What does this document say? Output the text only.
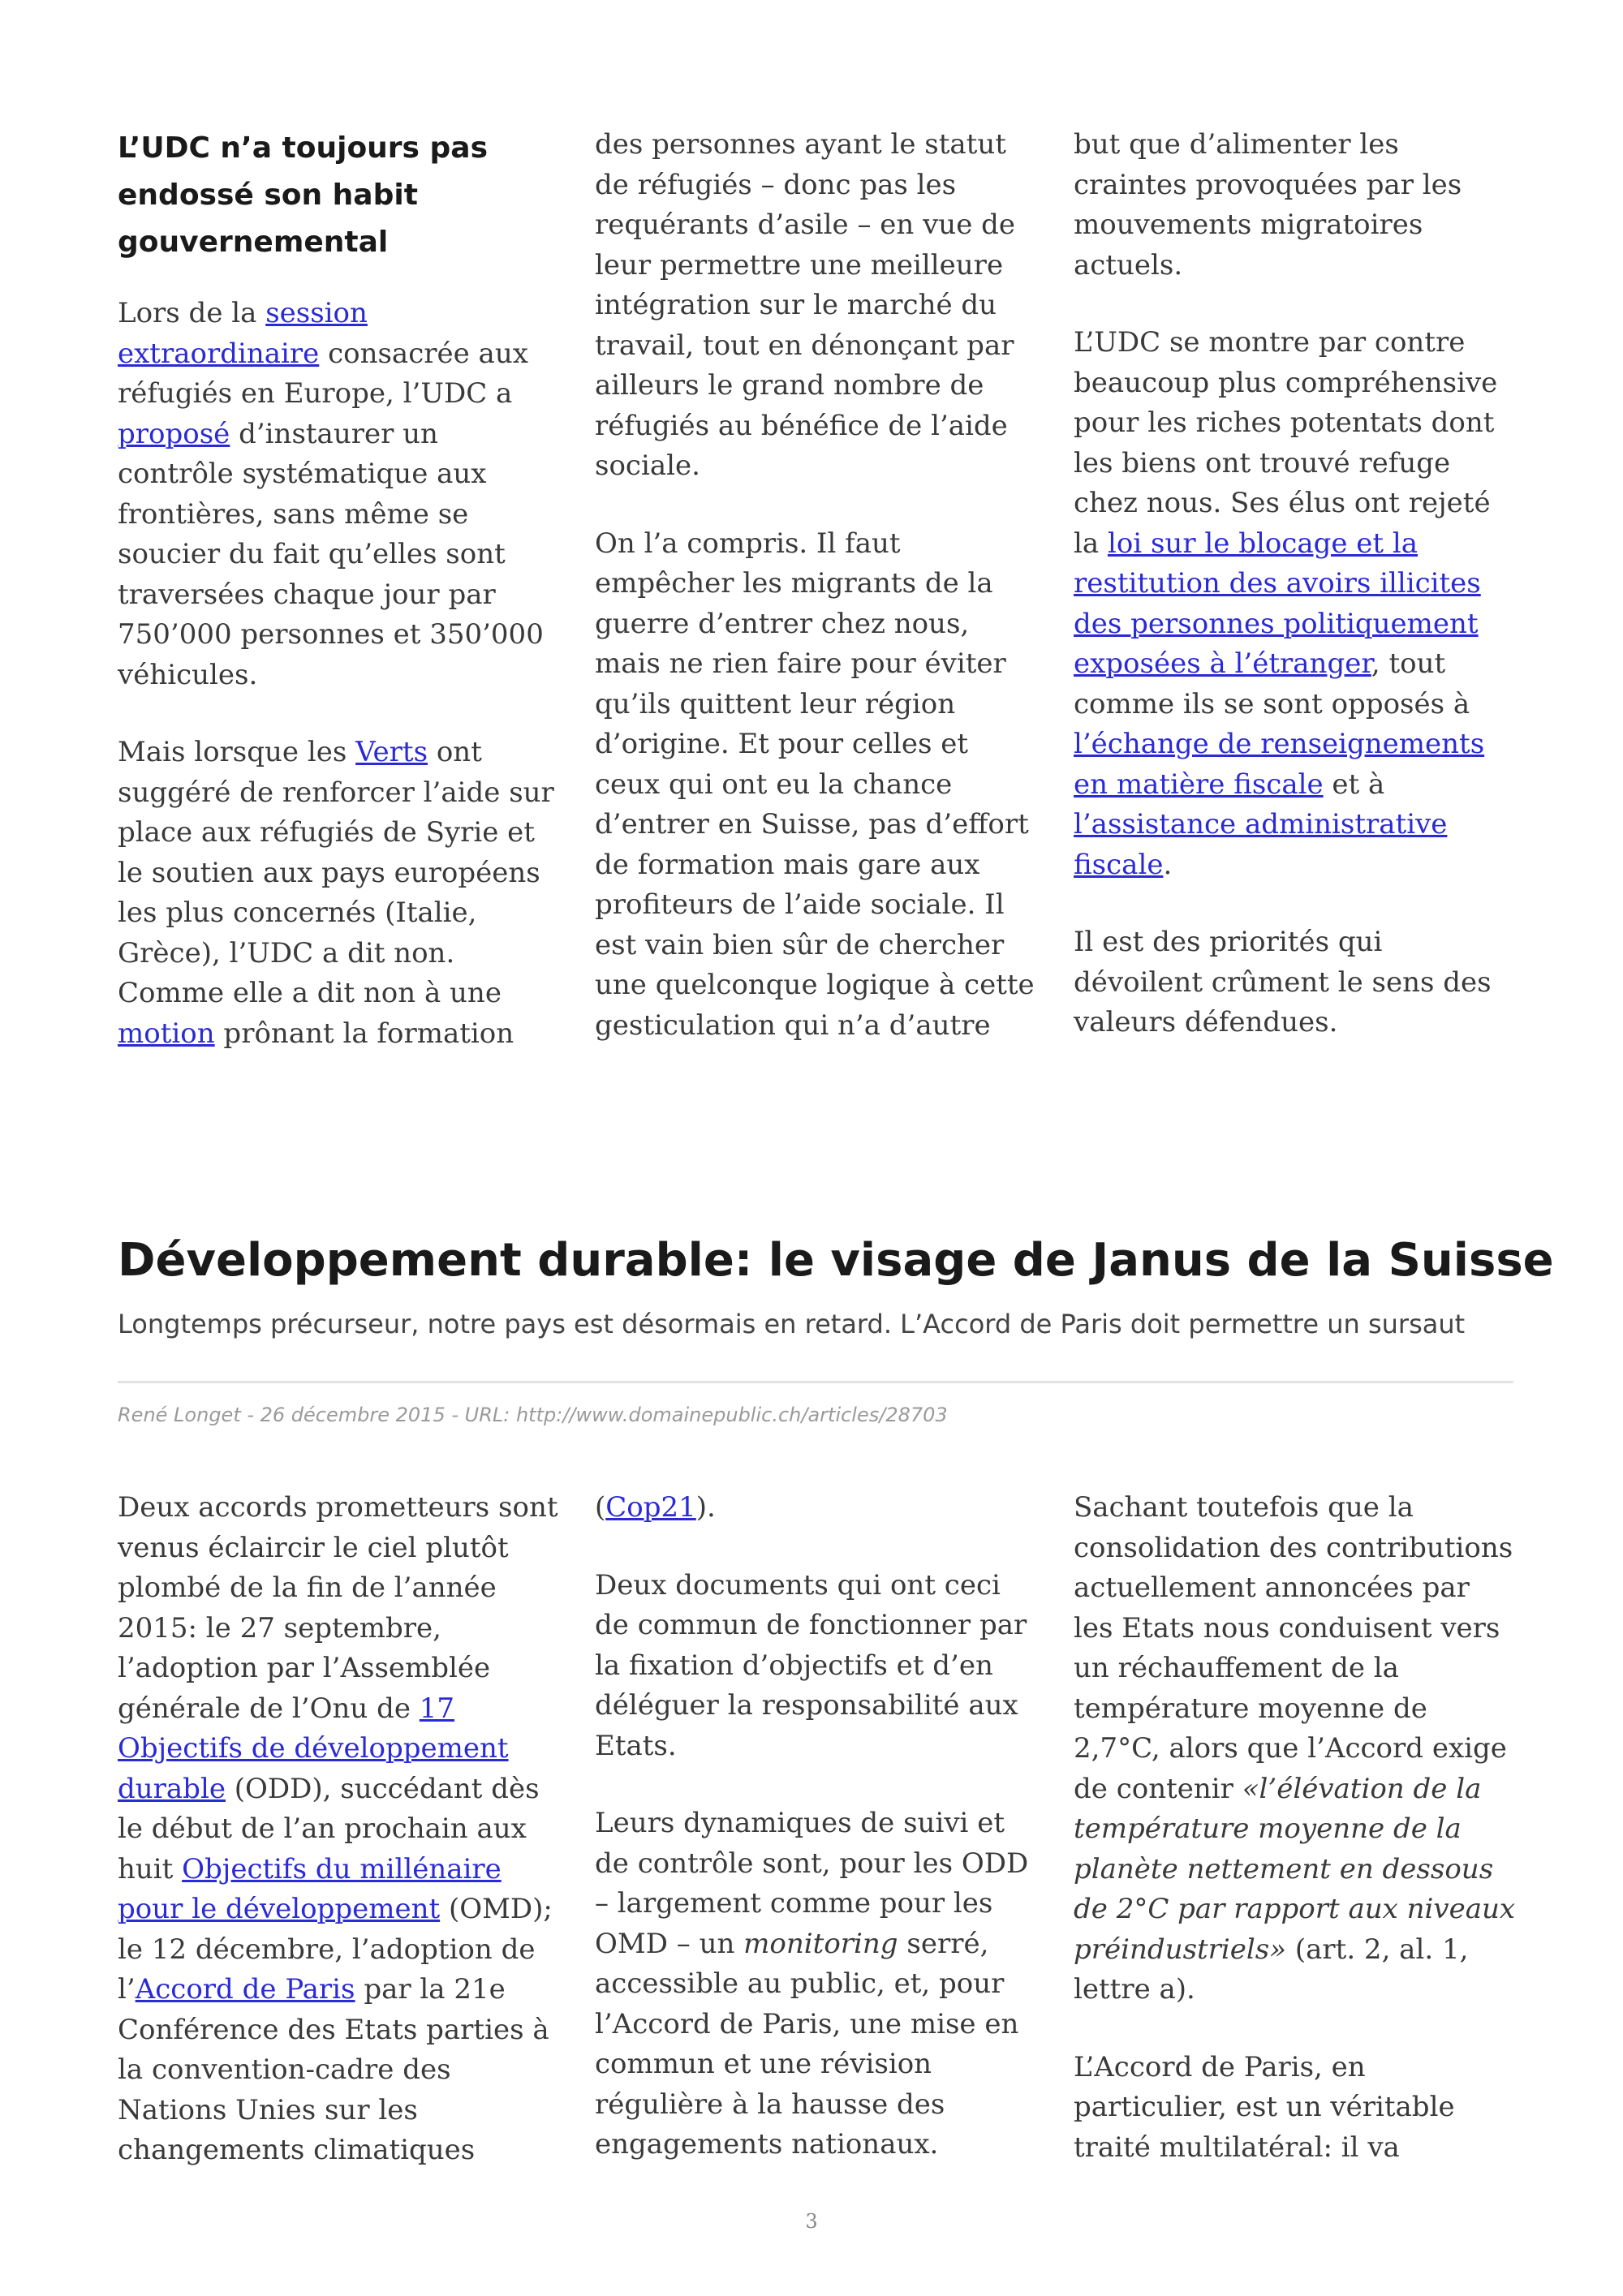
L’UDC n’a toujours pas endossé son habit gouvernemental

Lors de la session extraordinaire consacrée aux réfugiés en Europe, l’UDC a proposé d’instaurer un contrôle systématique aux frontières, sans même se soucier du fait qu’elles sont traversées chaque jour par 750’000 personnes et 350’000 véhicules.

Mais lorsque les Verts ont suggéré de renforcer l’aide sur place aux réfugiés de Syrie et le soutien aux pays européens les plus concernés (Italie, Grèce), l’UDC a dit non. Comme elle a dit non à une motion prônant la formation

des personnes ayant le statut de réfugiés – donc pas les requérants d’asile – en vue de leur permettre une meilleure intégration sur le marché du travail, tout en dénonçant par ailleurs le grand nombre de réfugiés au bénéfice de l’aide sociale.

On l’a compris. Il faut empêcher les migrants de la guerre d’entrer chez nous, mais ne rien faire pour éviter qu’ils quittent leur région d’origine. Et pour celles et ceux qui ont eu la chance d’entrer en Suisse, pas d’effort de formation mais gare aux profiteurs de l’aide sociale. Il est vain bien sûr de chercher une quelconque logique à cette gesticulation qui n’a d’autre

but que d’alimenter les craintes provoquées par les mouvements migratoires actuels.

L’UDC se montre par contre beaucoup plus compréhensive pour les riches potentats dont les biens ont trouvé refuge chez nous. Ses élus ont rejeté la loi sur le blocage et la restitution des avoirs illicites des personnes politiquement exposées à l’étranger, tout comme ils se sont opposés à l’échange de renseignements en matière fiscale et à l’assistance administrative fiscale.

Il est des priorités qui dévoilent crûment le sens des valeurs défendues.

Développement durable: le visage de Janus de la Suisse

Longtemps précurseur, notre pays est désormais en retard. L’Accord de Paris doit permettre un sursaut

René Longet - 26 décembre 2015 - URL: http://www.domainepublic.ch/articles/28703

Deux accords prometteurs sont venus éclaircir le ciel plutôt plombé de la fin de l’année 2015: le 27 septembre, l’adoption par l’Assemblée générale de l’Onu de 17 Objectifs de développement durable (ODD), succédant dès le début de l’an prochain aux huit Objectifs du millénaire pour le développement (OMD); le 12 décembre, l’adoption de l’Accord de Paris par la 21e Conférence des Etats parties à la convention-cadre des Nations Unies sur les changements climatiques

(Cop21).

Deux documents qui ont ceci de commun de fonctionner par la fixation d’objectifs et d’en déléguer la responsabilité aux Etats.

Leurs dynamiques de suivi et de contrôle sont, pour les ODD – largement comme pour les OMD – un monitoring serré, accessible au public, et, pour l’Accord de Paris, une mise en commun et une révision régulière à la hausse des engagements nationaux.

Sachant toutefois que la consolidation des contributions actuellement annoncées par les Etats nous conduisent vers un réchauffement de la température moyenne de 2,7°C, alors que l’Accord exige de contenir «l’élévation de la température moyenne de la planète nettement en dessous de 2°C par rapport aux niveaux préindustriels» (art. 2, al. 1, lettre a).

L’Accord de Paris, en particulier, est un véritable traité multilatéral: il va

3
